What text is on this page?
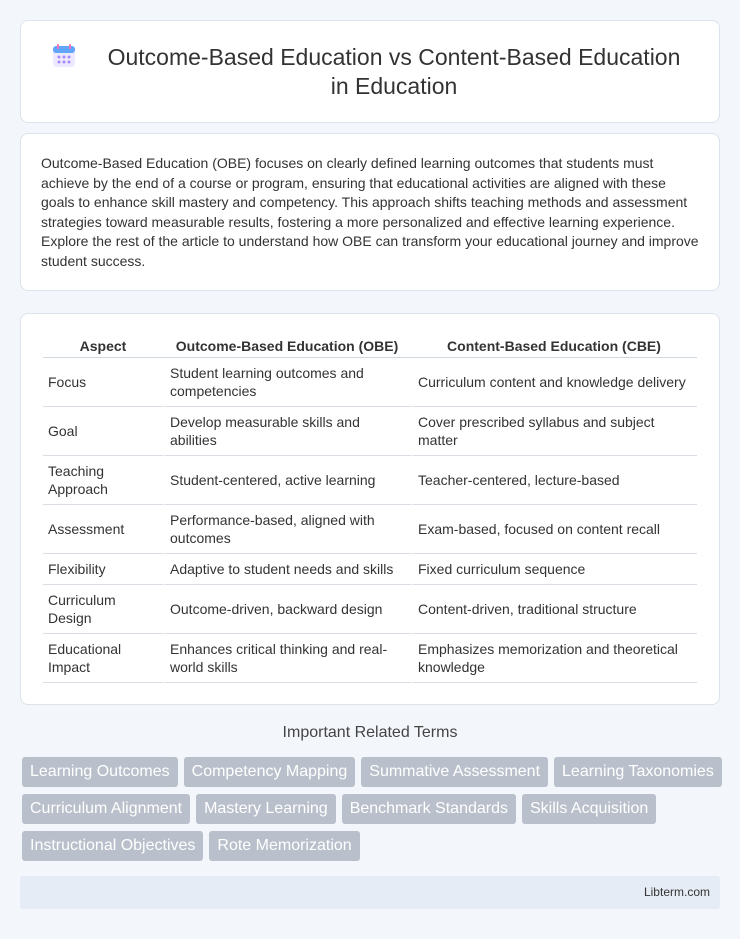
Outcome-Based Education vs Content-Based Education in Education

Outcome-Based Education (OBE) focuses on clearly defined learning outcomes that students must achieve by the end of a course or program, ensuring that educational activities are aligned with these goals to enhance skill mastery and competency. This approach shifts teaching methods and assessment strategies toward measurable results, fostering a more personalized and effective learning experience. Explore the rest of the article to understand how OBE can transform your educational journey and improve student success.

Aspect	Outcome-Based Education (OBE)	Content-Based Education (CBE)
Focus	Student learning outcomes and competencies	Curriculum content and knowledge delivery
Goal	Develop measurable skills and abilities	Cover prescribed syllabus and subject matter
Teaching Approach	Student-centered, active learning	Teacher-centered, lecture-based
Assessment	Performance-based, aligned with outcomes	Exam-based, focused on content recall
Flexibility	Adaptive to student needs and skills	Fixed curriculum sequence
Curriculum Design	Outcome-driven, backward design	Content-driven, traditional structure
Educational Impact	Enhances critical thinking and real-world skills	Emphasizes memorization and theoretical knowledge
Important Related Terms
Learning Outcomes	Competency Mapping	Summative Assessment	Learning Taxonomies
Curriculum Alignment	Mastery Learning	Benchmark Standards	Skills Acquisition
Instructional Objectives	Rote Memorization
Libterm.com
